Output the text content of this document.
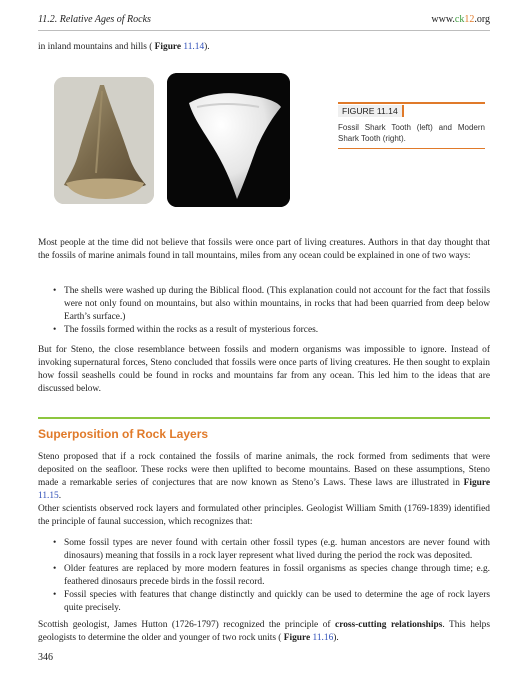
11.2. Relative Ages of Rocks	www.ck12.org

in inland mountains and hills ( Figure 11.14).

FIGURE 11.14
Fossil Shark Tooth (left) and Modern Shark Tooth (right).

Most people at the time did not believe that fossils were once part of living creatures. Authors in that day thought that the fossils of marine animals found in tall mountains, miles from any ocean could be explained in one of two ways:

• The shells were washed up during the Biblical flood. (This explanation could not account for the fact that fossils were not only found on mountains, but also within mountains, in rocks that had been quarried from deep below Earth’s surface.)
• The fossils formed within the rocks as a result of mysterious forces.

But for Steno, the close resemblance between fossils and modern organisms was impossible to ignore. Instead of invoking supernatural forces, Steno concluded that fossils were once parts of living creatures. He then sought to explain how fossil seashells could be found in rocks and mountains far from any ocean. This led him to the ideas that are discussed below.

Superposition of Rock Layers

Steno proposed that if a rock contained the fossils of marine animals, the rock formed from sediments that were deposited on the seafloor. These rocks were then uplifted to become mountains. Based on these assumptions, Steno made a remarkable series of conjectures that are now known as Steno’s Laws. These laws are illustrated in Figure 11.15.

Other scientists observed rock layers and formulated other principles. Geologist William Smith (1769-1839) identified the principle of faunal succession, which recognizes that:

• Some fossil types are never found with certain other fossil types (e.g. human ancestors are never found with dinosaurs) meaning that fossils in a rock layer represent what lived during the period the rock was deposited.
• Older features are replaced by more modern features in fossil organisms as species change through time; e.g. feathered dinosaurs precede birds in the fossil record.
• Fossil species with features that change distinctly and quickly can be used to determine the age of rock layers quite precisely.

Scottish geologist, James Hutton (1726-1797) recognized the principle of cross-cutting relationships. This helps geologists to determine the older and younger of two rock units ( Figure 11.16).

346
